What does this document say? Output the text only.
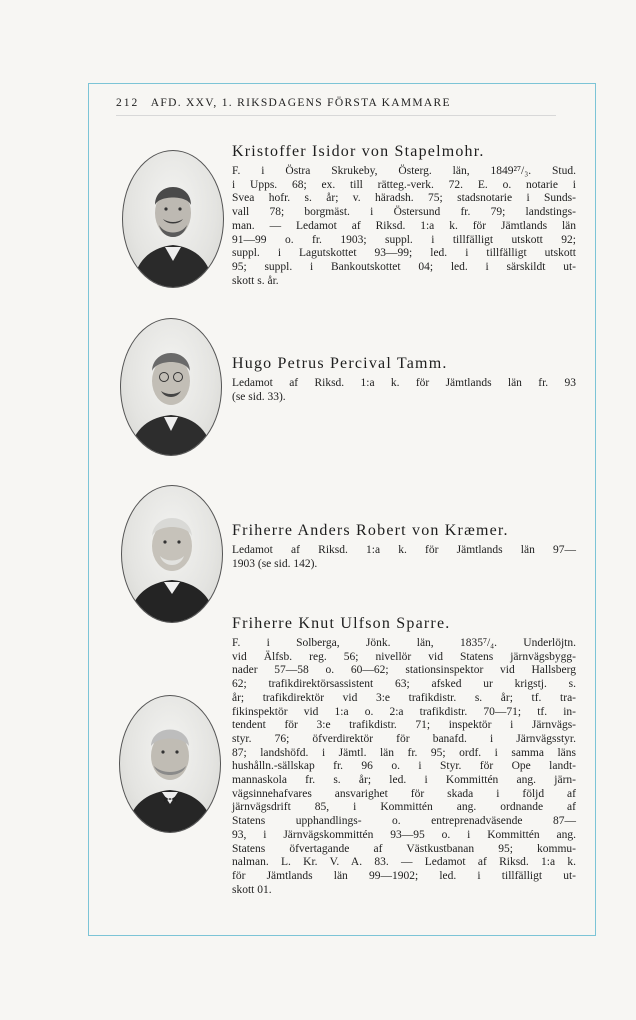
212 AFD. XXV, 1. RIKSDAGENS FÖRSTA KAMMARE
Kristoffer Isidor von Stapelmohr.
F. i Östra Skrukeby, Österg. län, 1849²⁷/₃. Stud.
i Upps. 68; ex. till rätteg.-verk. 72. E. o. notarie i
Svea hofr. s. år; v. häradsh. 75; stadsnotarie i Sunds-
vall 78; borgmäst. i Östersund fr. 79; landstings-
man. — Ledamot af Riksd. 1:a k. för Jämtlands län
91—99 o. fr. 1903; suppl. i tillfälligt utskott 92;
suppl. i Lagutskottet 93—99; led. i tillfälligt utskott
95; suppl. i Bankoutskottet 04; led. i särskildt ut-
skott s. år.
Hugo Petrus Percival Tamm.
Ledamot af Riksd. 1:a k. för Jämtlands län fr. 93
(se sid. 33).
Friherre Anders Robert von Kræmer.
Ledamot af Riksd. 1:a k. för Jämtlands län 97—
1903 (se sid. 142).
Friherre Knut Ulfson Sparre.
F. i Solberga, Jönk. län, 1835⁷/₄. Underlöjtn.
vid Älfsb. reg. 56; nivellör vid Statens järnvägsbygg-
nader 57—58 o. 60—62; stationsinspektor vid Hallsberg
62; trafikdirektörsassistent 63; afsked ur krigstj. s.
år; trafikdirektör vid 3:e trafikdistr. s. år; tf. tra-
fikinspektör vid 1:a o. 2:a trafikdistr. 70—71; tf. in-
tendent för 3:e trafikdistr. 71; inspektör i Järnvägs-
styr. 76; öfverdirektör för banafd. i Järnvägsstyr.
87; landshöfd. i Jämtl. län fr. 95; ordf. i samma läns
hushålln.-sällskap fr. 96 o. i Styr. för Ope landt-
mannaskola fr. s. år; led. i Kommittén ang. järn-
vägsinnehafvares ansvarighet för skada i följd af
järnvägsdrift 85, i Kommittén ang. ordnande af
Statens upphandlings- o. entreprenadväsende 87—
93, i Järnvägskommittén 93—95 o. i Kommittén ang.
Statens öfvertagande af Västkustbanan 95; kommu-
nalman. L. Kr. V. A. 83. — Ledamot af Riksd. 1:a k.
för Jämtlands län 99—1902; led. i tillfälligt ut-
skott 01.
